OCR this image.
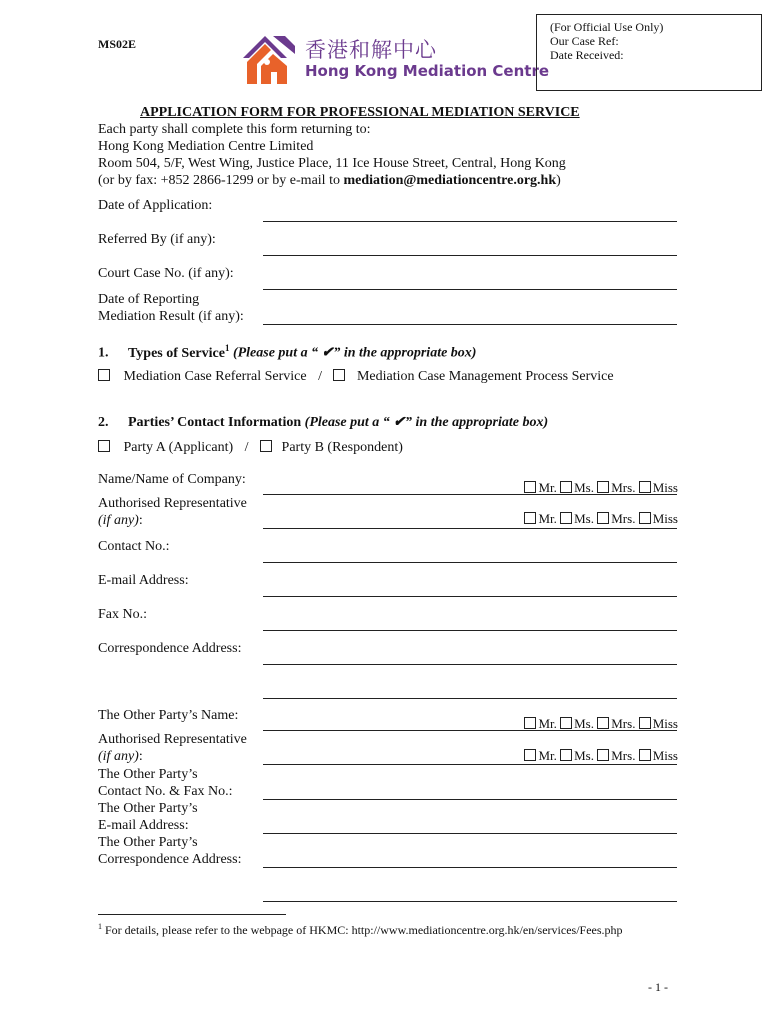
MS02E	香港和解中心
Hong Kong Mediation Centre
(For Official Use Only)
Our Case Ref:
Date Received:
APPLICATION FORM FOR PROFESSIONAL MEDIATION SERVICE
Each party shall complete this form returning to:
Hong Kong Mediation Centre Limited
Room 504, 5/F, West Wing, Justice Place, 11 Ice House Street, Central, Hong Kong
(or by fax: +852 2866-1299 or by e-mail to mediation@mediationcentre.org.hk)
Date of Application:
Referred By (if any):
Court Case No. (if any):
Date of Reporting
Mediation Result (if any):
1. Types of Service$^1$ (Please put a “ ✔” in the appropriate box)
Mediation Case Referral Service /	Mediation Case Management Process Service
2. Parties’ Contact Information (Please put a “ ✔” in the appropriate box)
Party A (Applicant) / Party B (Respondent)
Name/Name of Company:
Mr. Ms. Mrs. Miss
Authorised Representative
(if any):	Mr. Ms. Mrs. Miss
Contact No.:
E-mail Address:
Fax No.:
Correspondence Address:
The Other Party’s Name:
Mr. Ms. Mrs. Miss
Authorised Representative
(if any):	Mr. Ms. Mrs. Miss
The Other Party’s
Contact No. & Fax No.:
The Other Party’s
E-mail Address:
The Other Party’s
Correspondence Address:
$^1$ For details, please refer to the webpage of HKMC: http://www.mediationcentre.org.hk/en/services/Fees.php
- 1 -
